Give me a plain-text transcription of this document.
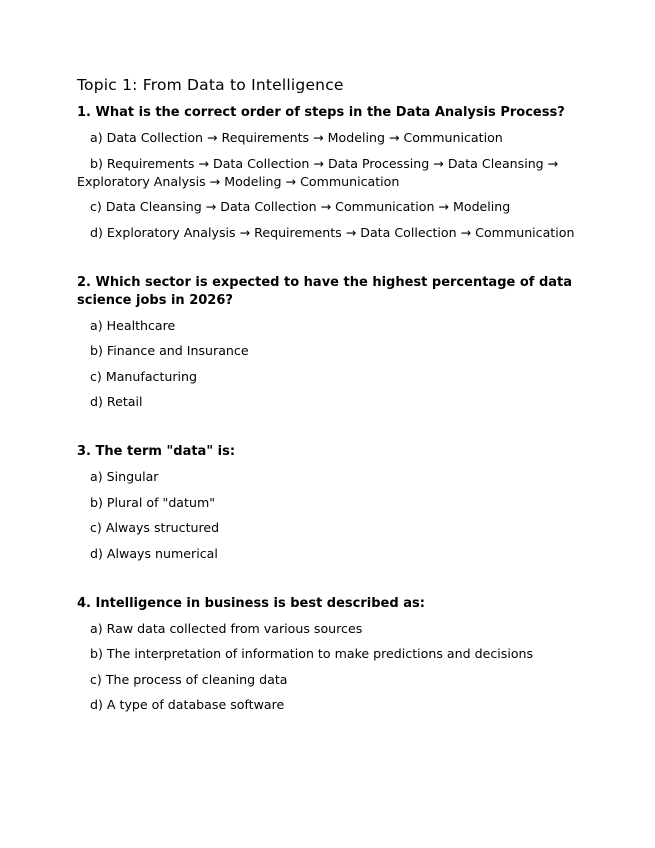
Topic 1: From Data to Intelligence
1. What is the correct order of steps in the Data Analysis Process?
a) Data Collection → Requirements → Modeling → Communication
b) Requirements → Data Collection → Data Processing → Data Cleansing → Exploratory Analysis → Modeling → Communication
c) Data Cleansing → Data Collection → Communication → Modeling
d) Exploratory Analysis → Requirements → Data Collection → Communication
2. Which sector is expected to have the highest percentage of data science jobs in 2026?
a) Healthcare
b) Finance and Insurance
c) Manufacturing
d) Retail
3. The term "data" is:
a) Singular
b) Plural of "datum"
c) Always structured
d) Always numerical
4. Intelligence in business is best described as:
a) Raw data collected from various sources
b) The interpretation of information to make predictions and decisions
c) The process of cleaning data
d) A type of database software
